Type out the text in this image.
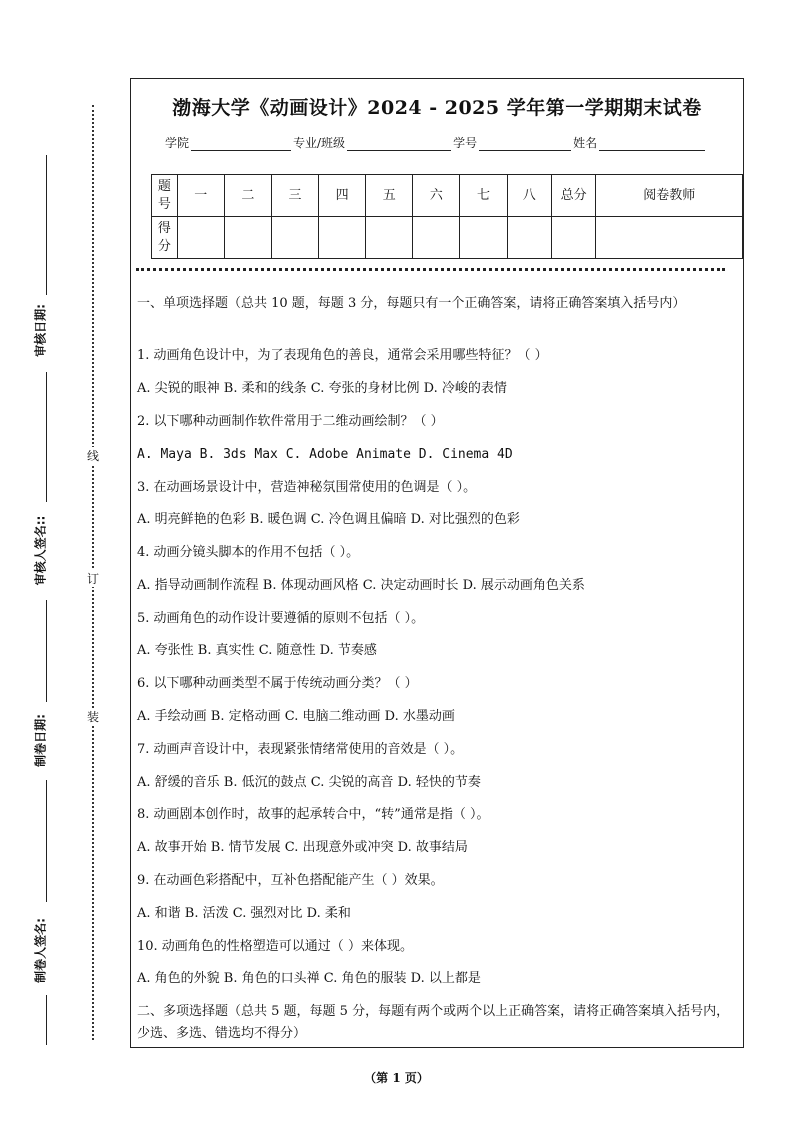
审核日期:
审核人签名::
制卷日期:
制卷人签名:
线
订
装
渤海大学《动画设计》2024 - 2025 学年第一学期期末试卷
学院	专业/班级	学号	姓名
题号	一	二	三	四	五	六	七	八	总分	阅卷教师
得分										
一、单项选择题（总共 10 题，每题 3 分，每题只有一个正确答案，请将正确答案填入括号内）
1. 动画角色设计中，为了表现角色的善良，通常会采用哪些特征？（ ）
A. 尖锐的眼神 B. 柔和的线条 C. 夸张的身材比例 D. 冷峻的表情
2. 以下哪种动画制作软件常用于二维动画绘制？（ ）
A. Maya B. 3ds Max C. Adobe Animate D. Cinema 4D
3. 在动画场景设计中，营造神秘氛围常使用的色调是（ ）。
A. 明亮鲜艳的色彩 B. 暖色调 C. 冷色调且偏暗 D. 对比强烈的色彩
4. 动画分镜头脚本的作用不包括（ ）。
A. 指导动画制作流程 B. 体现动画风格 C. 决定动画时长 D. 展示动画角色关系
5. 动画角色的动作设计要遵循的原则不包括（ ）。
A. 夸张性 B. 真实性 C. 随意性 D. 节奏感
6. 以下哪种动画类型不属于传统动画分类？（ ）
A. 手绘动画 B. 定格动画 C. 电脑二维动画 D. 水墨动画
7. 动画声音设计中，表现紧张情绪常使用的音效是（ ）。
A. 舒缓的音乐 B. 低沉的鼓点 C. 尖锐的高音 D. 轻快的节奏
8. 动画剧本创作时，故事的起承转合中，“转”通常是指（ ）。
A. 故事开始 B. 情节发展 C. 出现意外或冲突 D. 故事结局
9. 在动画色彩搭配中，互补色搭配能产生（ ）效果。
A. 和谐 B. 活泼 C. 强烈对比 D. 柔和
10. 动画角色的性格塑造可以通过（ ）来体现。
A. 角色的外貌 B. 角色的口头禅 C. 角色的服装 D. 以上都是
二、多项选择题（总共 5 题，每题 5 分，每题有两个或两个以上正确答案，请将正确答案填入括号内，少选、多选、错选均不得分）
（第 1 页）
